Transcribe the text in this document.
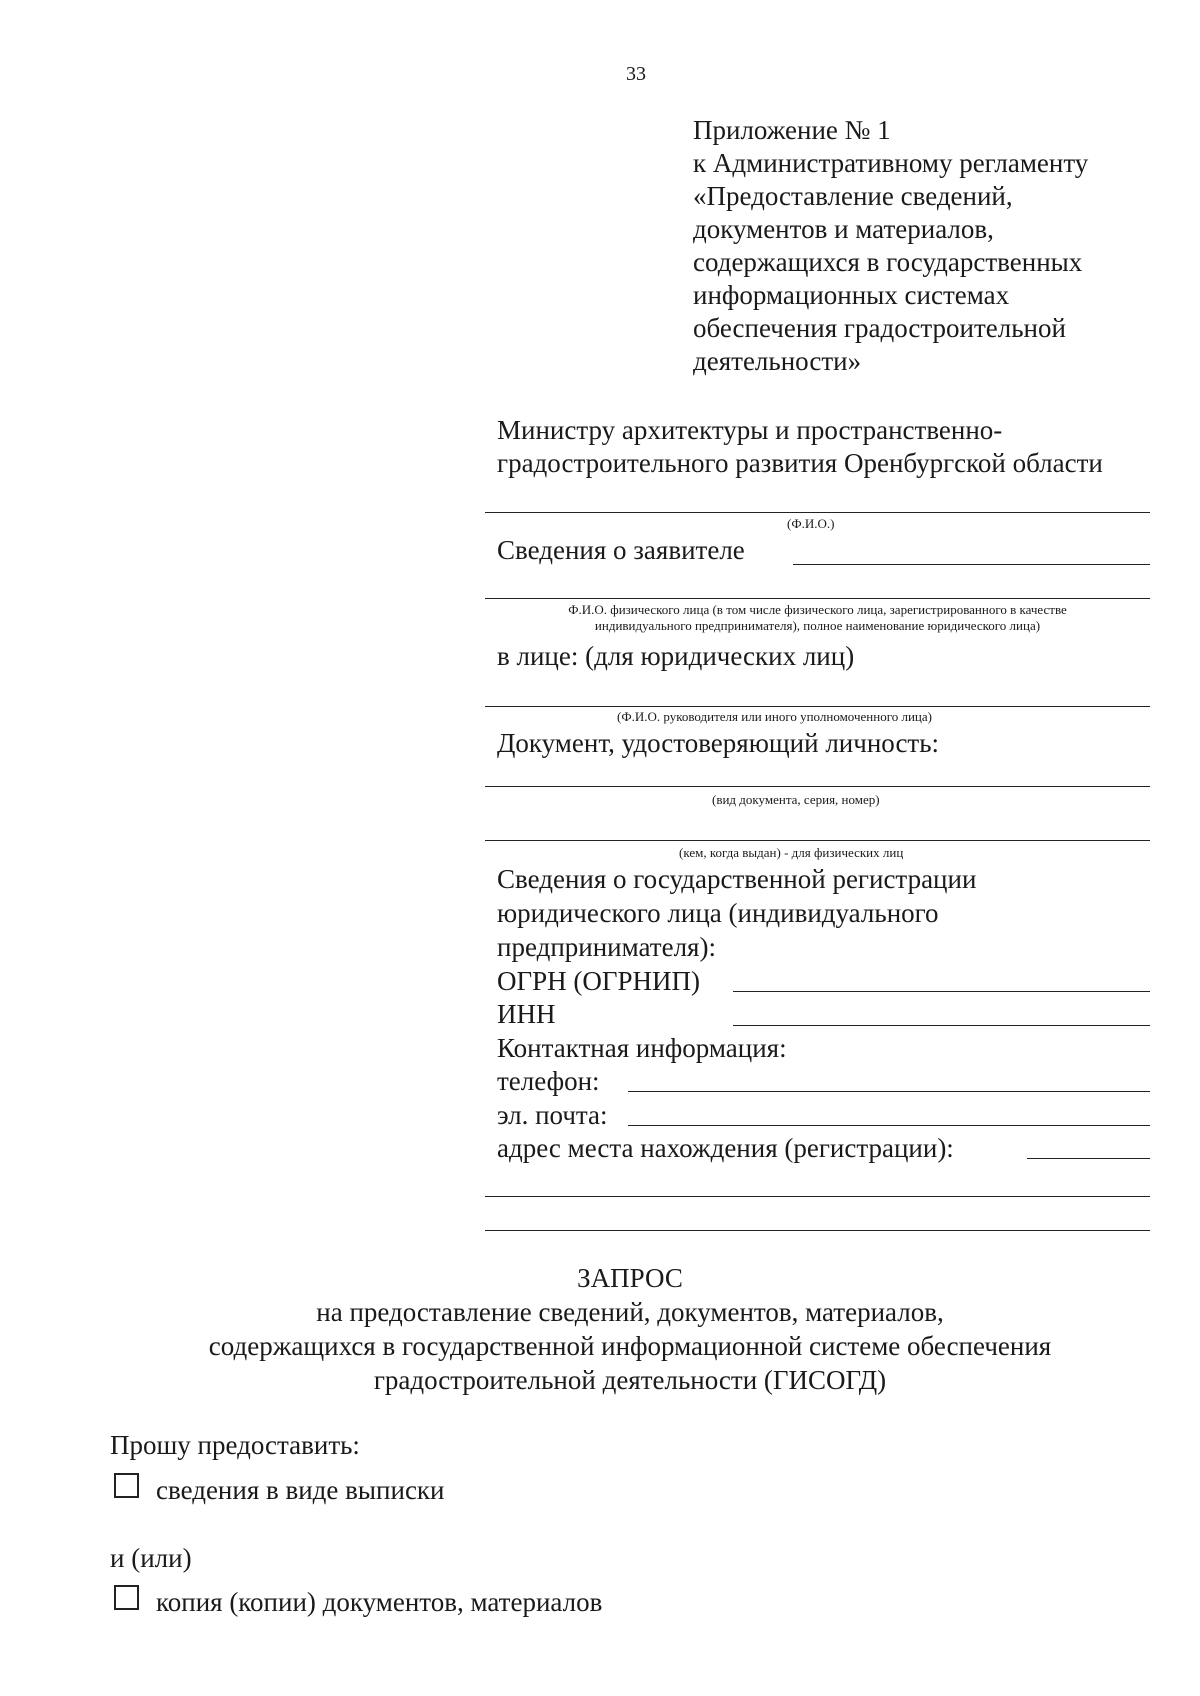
33
Приложение № 1
к Административному регламенту
«Предоставление сведений,
документов и материалов,
содержащихся в государственных
информационных системах
обеспечения градостроительной
деятельности»
Министру архитектуры и пространственно-
градостроительного развития Оренбургской области
(Ф.И.О.)
Сведения о заявителе
Ф.И.О. физического лица (в том числе физического лица, зарегистрированного в качестве
индивидуального предпринимателя), полное наименование юридического лица)
в лице: (для юридических лиц)
(Ф.И.О. руководителя или иного уполномоченного лица)
Документ, удостоверяющий личность:
(вид документа, серия, номер)
(кем, когда выдан) - для физических лиц
Сведения о государственной регистрации
юридического лица (индивидуального
предпринимателя):
ОГРН (ОГРНИП)
ИНН
Контактная информация:
телефон:
эл. почта:
адрес места нахождения (регистрации):
ЗАПРОС
на предоставление сведений, документов, материалов,
содержащихся в государственной информационной системе обеспечения
градостроительной деятельности (ГИСОГД)
Прошу предоставить:
сведения в виде выписки
и (или)
копия (копии) документов, материалов
